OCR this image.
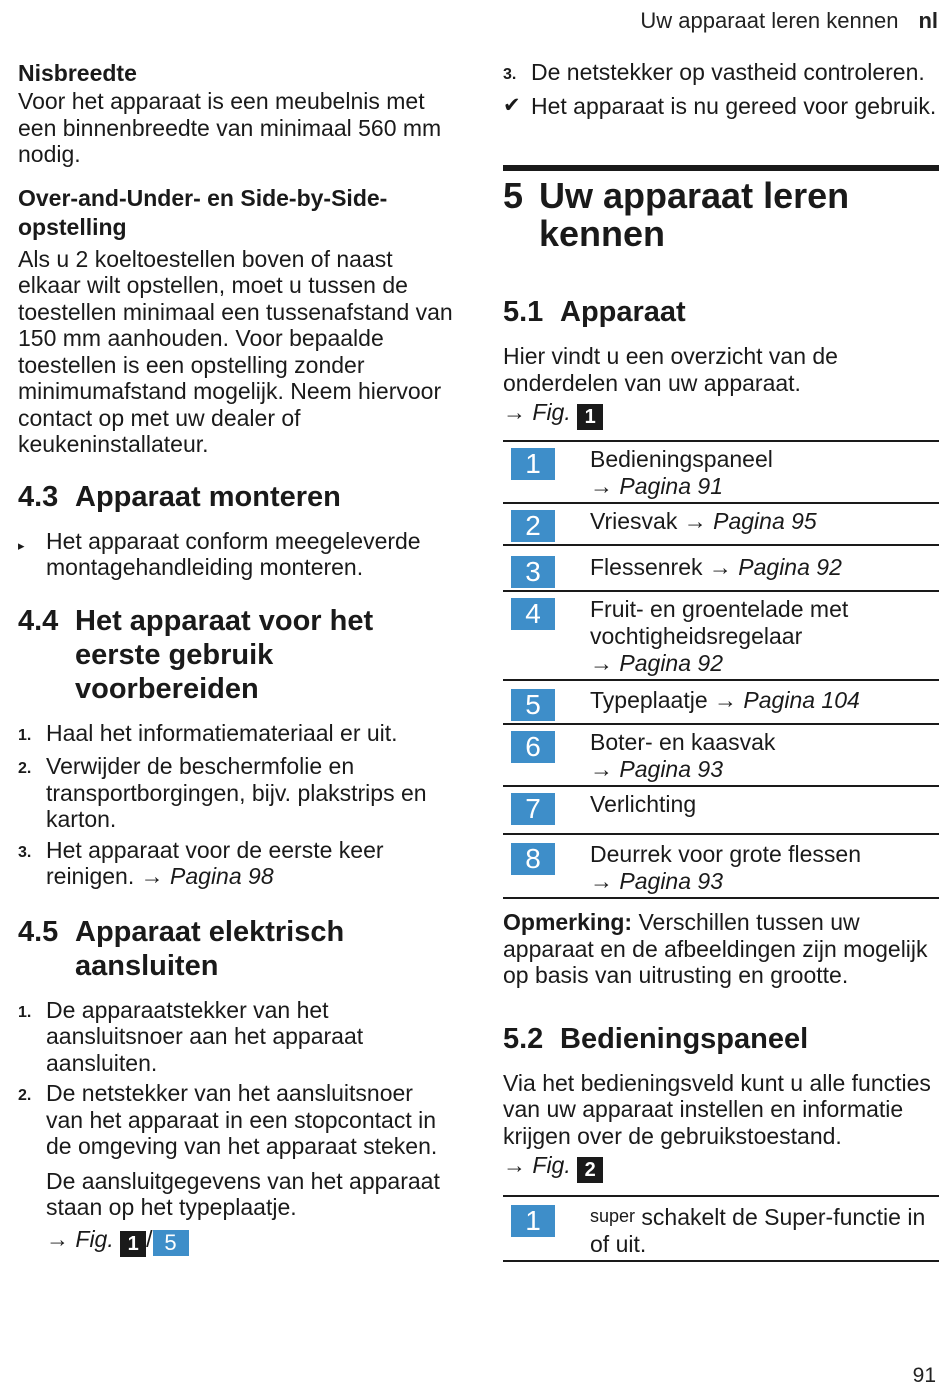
Uw apparaat leren kennen nl

Nisbreedte

Voor het apparaat is een meubelnis met een binnenbreedte van minimaal 560 mm nodig.

Over-and-Under- en Side-by-Side-opstelling

Als u 2 koeltoestellen boven of naast elkaar wilt opstellen, moet u tussen de toestellen minimaal een tussenafstand van 150 mm aanhouden. Voor bepaalde toestellen is een opstelling zonder minimumafstand mogelijk. Neem hiervoor contact op met uw dealer of keukeninstallateur.

4.3 Apparaat monteren
▸ Het apparaat conform meegeleverde montagehandleiding monteren.
4.4 Het apparaat voor het eerste gebruik voorbereiden
1. Haal het informatiemateriaal er uit.
2. Verwijder de beschermfolie en transportborgingen, bijv. plakstrips en karton.
3. Het apparaat voor de eerste keer reinigen. → Pagina 98
4.5 Apparaat elektrisch aansluiten
1. De apparaatstekker van het aansluitsnoer aan het apparaat aansluiten.
2. De netstekker van het aansluitsnoer van het apparaat in een stopcontact in de omgeving van het apparaat steken.

De aansluitgegevens van het apparaat staan op het typeplaatje.

→ Fig. 1 / 5

3. De netstekker op vastheid controleren.
✔ Het apparaat is nu gereed voor gebruik.
5 Uw apparaat leren kennen
5.1 Apparaat

Hier vindt u een overzicht van de onderdelen van uw apparaat.

→ Fig. 1

1	Bedieningspaneel
→ Pagina 91
2	Vriesvak → Pagina 95
3	Flessenrek → Pagina 92
4	Fruit- en groentelade met vochtigheidsregelaar
→ Pagina 92
5	Typeplaatje → Pagina 104
6	Boter- en kaasvak
→ Pagina 93
7	Verlichting
8	Deurrek voor grote flessen
→ Pagina 93

Opmerking: Verschillen tussen uw apparaat en de afbeeldingen zijn mogelijk op basis van uitrusting en grootte.

5.2 Bedieningspaneel

Via het bedieningsveld kunt u alle functies van uw apparaat instellen en informatie krijgen over de gebruikstoestand.

→ Fig. 2

1	super schakelt de Super-functie in of uit.
91
